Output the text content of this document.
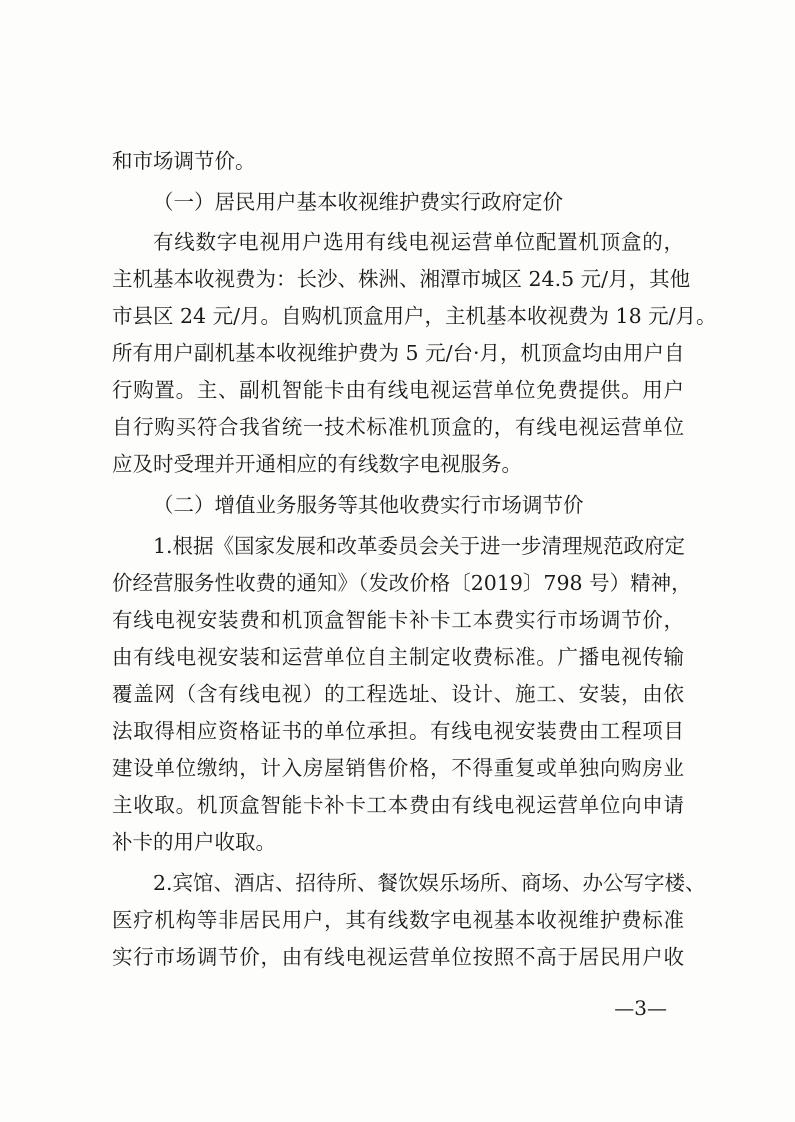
和市场调节价。
（一）居民用户基本收视维护费实行政府定价
有线数字电视用户选用有线电视运营单位配置机顶盒的，
主机基本收视费为：长沙、株洲、湘潭市城区 24.5 元/月，其他
市县区 24 元/月。自购机顶盒用户，主机基本收视费为 18 元/月。
所有用户副机基本收视维护费为 5 元/台·月，机顶盒均由用户自
行购置。主、副机智能卡由有线电视运营单位免费提供。用户
自行购买符合我省统一技术标准机顶盒的，有线电视运营单位
应及时受理并开通相应的有线数字电视服务。
（二）增值业务服务等其他收费实行市场调节价
1.根据《国家发展和改革委员会关于进一步清理规范政府定
价经营服务性收费的通知》（发改价格〔2019〕798 号）精神，
有线电视安装费和机顶盒智能卡补卡工本费实行市场调节价，
由有线电视安装和运营单位自主制定收费标准。广播电视传输
覆盖网（含有线电视）的工程选址、设计、施工、安装，由依
法取得相应资格证书的单位承担。有线电视安装费由工程项目
建设单位缴纳，计入房屋销售价格，不得重复或单独向购房业
主收取。机顶盒智能卡补卡工本费由有线电视运营单位向申请
补卡的用户收取。
2.宾馆、酒店、招待所、餐饮娱乐场所、商场、办公写字楼、
医疗机构等非居民用户，其有线数字电视基本收视维护费标准
实行市场调节价，由有线电视运营单位按照不高于居民用户收
—3—
